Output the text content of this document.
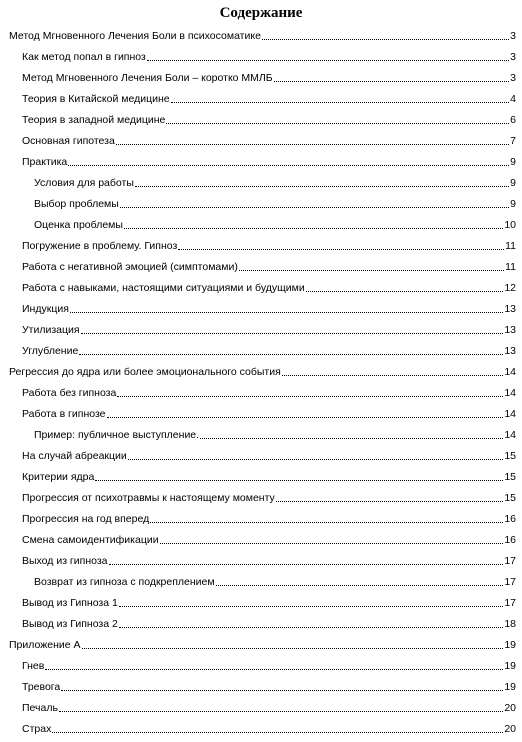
Содержание
Метод Мгновенного Лечения Боли в психосоматике	3
Как метод попал в гипноз	3
Метод Мгновенного Лечения Боли – коротко ММЛБ	3
Теория в Китайской медицине	4
Теория в западной медицине	6
Основная гипотеза	7
Практика	9
Условия для работы	9
Выбор проблемы	9
Оценка проблемы	10
Погружение в проблему. Гипноз	11
Работа с негативной эмоцией (симптомами)	11
Работа с навыками, настоящими ситуациями и будущими	12
Индукция	13
Утилизация	13
Углубление	13
Регрессия до ядра или более эмоционального события	14
Работа без гипноза	14
Работа в гипнозе	14
Пример: публичное выступление.	14
На случай абреакции	15
Критерии ядра	15
Прогрессия от психотравмы к настоящему моменту	15
Прогрессия на год вперед	16
Смена самоидентификации	16
Выход из гипноза	17
Возврат из гипноза с подкреплением	17
Вывод из Гипноза 1	17
Вывод из Гипноза 2	18
Приложение А	19
Гнев	19
Тревога	19
Печаль	20
Страх	20
